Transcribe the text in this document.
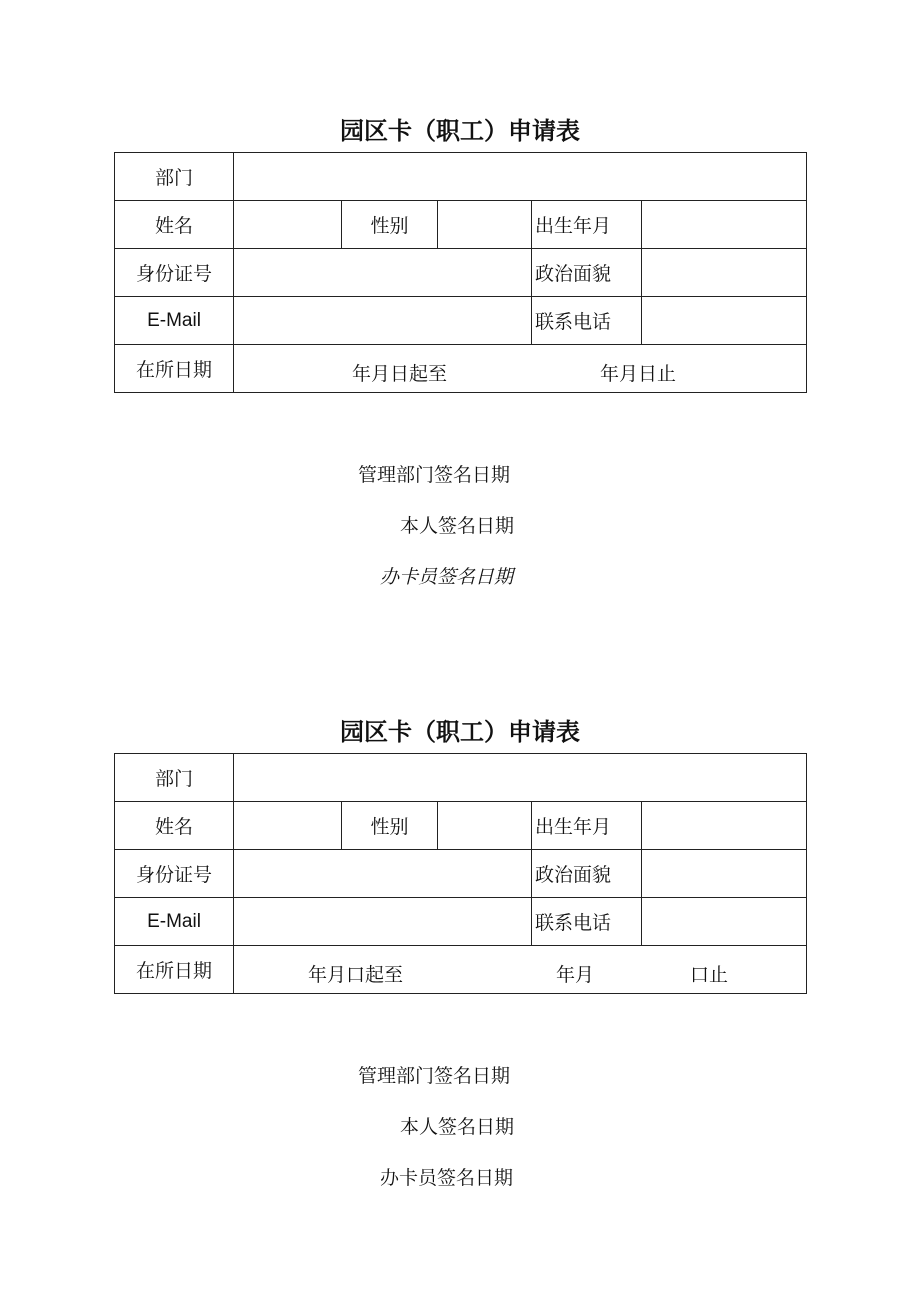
园区卡（职工）申请表
部门					
姓名		性别		出生年月	
身份证号				政治面貌	
E-Mail				联系电话	
在所日期	年月日起至 年月日止				
管理部门签名日期
本人签名日期
办卡员签名日期
园区卡（职工）申请表
部门					
姓名		性别		出生年月	
身份证号				政治面貌	
E-Mail				联系电话	
在所日期	年月口起至 年月 口止				
管理部门签名日期
本人签名日期
办卡员签名日期
